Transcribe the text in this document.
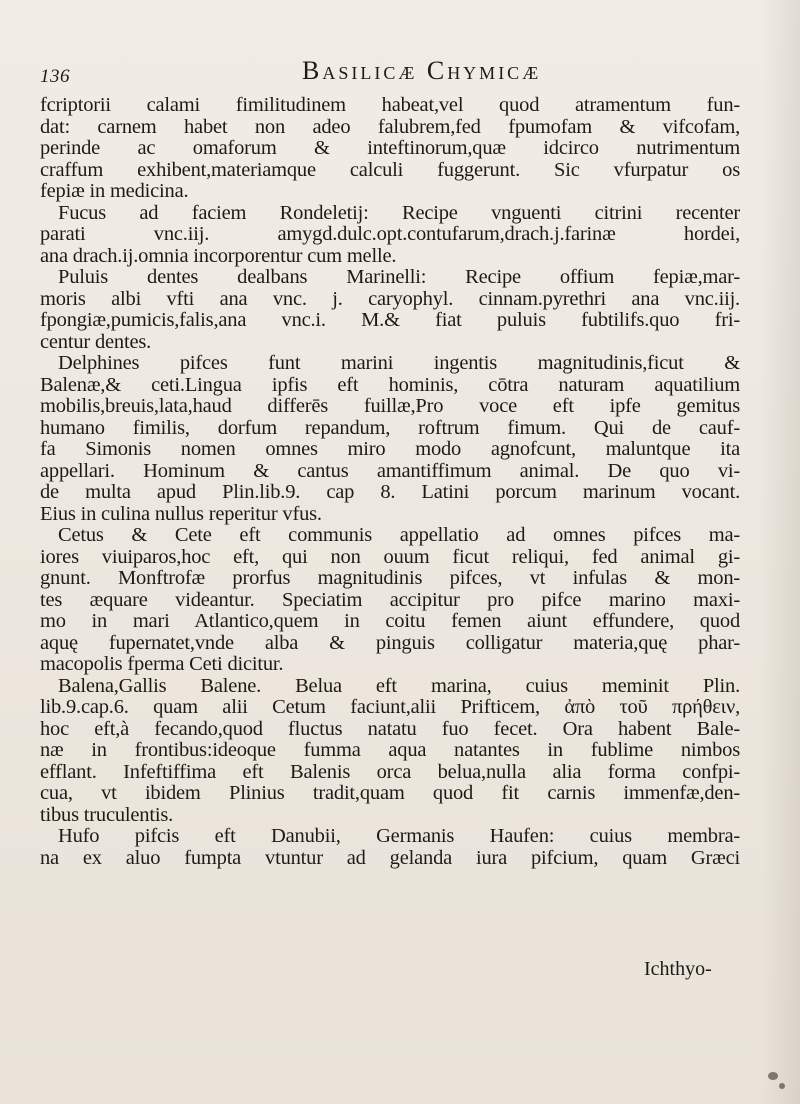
136	Basilicæ Chymicæ
fcriptorii calami fimilitudinem habeat,vel quod atramentum fun-
dat: carnem habet non adeo falubrem,fed fpumofam & vifcofam,
perinde ac omaforum & inteftinorum,quæ idcirco nutrimentum
craffum exhibent,materiamque calculi fuggerunt. Sic vfurpatur os
fepiæ in medicina.
Fucus ad faciem Rondeletij: Recipe vnguenti citrini recenter
parati vnc.iij. amygd.dulc.opt.contufarum,drach.j.farinæ hordei,
ana drach.ij.omnia incorporentur cum melle.
Puluis dentes dealbans Marinelli: Recipe offium fepiæ,mar-
moris albi vfti ana vnc. j. caryophyl. cinnam.pyrethri ana vnc.iij.
fpongiæ,pumicis,falis,ana vnc.i. M.& fiat puluis fubtilifs.quo fri-
centur dentes.
Delphines pifces funt marini ingentis magnitudinis,ficut &
Balenæ,& ceti.Lingua ipfis eft hominis, cōtra naturam aquatilium
mobilis,breuis,lata,haud differēs fuillæ,Pro voce eft ipfe gemitus
humano fimilis, dorfum repandum, roftrum fimum. Qui de cauf-
fa Simonis nomen omnes miro modo agnofcunt, maluntque ita
appellari. Hominum & cantus amantiffimum animal. De quo vi-
de multa apud Plin.lib.9. cap 8. Latini porcum marinum vocant.
Eius in culina nullus reperitur vfus.
Cetus & Cete eft communis appellatio ad omnes pifces ma-
iores viuiparos,hoc eft, qui non ouum ficut reliqui, fed animal gi-
gnunt. Monftrofæ prorfus magnitudinis pifces, vt infulas & mon-
tes æquare videantur. Speciatim accipitur pro pifce marino maxi-
mo in mari Atlantico,quem in coitu femen aiunt effundere, quod
aquę fupernatet,vnde alba & pinguis colligatur materia,quę phar-
macopolis fperma Ceti dicitur.
Balena,Gallis Balene. Belua eft marina, cuius meminit Plin.
lib.9.cap.6. quam alii Cetum faciunt,alii Prifticem, ἀπὸ τοῦ πρήθειν,
hoc eft,à fecando,quod fluctus natatu fuo fecet. Ora habent Bale-
næ in frontibus:ideoque fumma aqua natantes in fublime nimbos
efflant. Infeftiffima eft Balenis orca belua,nulla alia forma confpi-
cua, vt ibidem Plinius tradit,quam quod fit carnis immenfæ,den-
tibus truculentis.
Hufo pifcis eft Danubii, Germanis Haufen: cuius membra-
na ex aluo fumpta vtuntur ad gelanda iura pifcium, quam Græci
Ichthyo-
